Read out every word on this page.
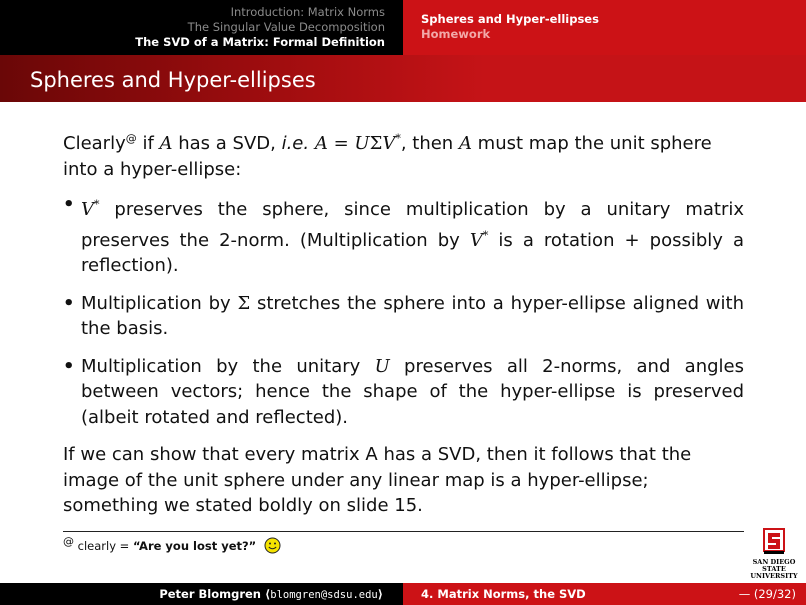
Introduction: Matrix Norms
The Singular Value Decomposition
The SVD of a Matrix: Formal Definition
Spheres and Hyper-ellipses
Homework
Spheres and Hyper-ellipses

Clearly@ if A has a SVD, i.e. A = UΣV*, then A must map the unit sphere into a hyper-ellipse:

• V* preserves the sphere, since multiplication by a unitary matrix preserves the 2-norm. (Multiplication by V* is a rotation + possibly a reflection).
• Multiplication by Σ stretches the sphere into a hyper-ellipse aligned with the basis.
• Multiplication by the unitary U preserves all 2-norms, and angles between vectors; hence the shape of the hyper-ellipse is preserved (albeit rotated and reflected).

If we can show that every matrix A has a SVD, then it follows that the image of the unit sphere under any linear map is a hyper-ellipse; something we stated boldly on slide 15.

@ clearly = “Are you lost yet?”
SAN DIEGO STATE
UNIVERSITY
Peter Blomgren ⟨blomgren@sdsu.edu⟩	4. Matrix Norms, the SVD	— (29/32)
